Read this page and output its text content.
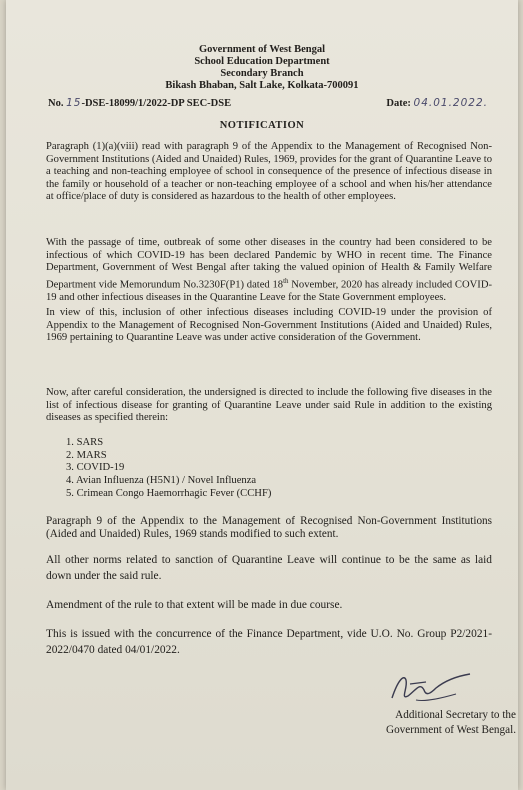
Government of West Bengal
School Education Department
Secondary Branch
Bikash Bhaban, Salt Lake, Kolkata-700091
No. 15-DSE-18099/1/2022-DP SEC-DSE	Date: 04.01.2022.
NOTIFICATION

Paragraph (1)(a)(viii) read with paragraph 9 of the Appendix to the Management of Recognised Non-Government Institutions (Aided and Unaided) Rules, 1969, provides for the grant of Quarantine Leave to a teaching and non-teaching employee of school in consequence of the presence of infectious disease in the family or household of a teacher or non-teaching employee of a school and when his/her attendance at office/place of duty is considered as hazardous to the health of other employees.

With the passage of time, outbreak of some other diseases in the country had been considered to be infectious of which COVID-19 has been declared Pandemic by WHO in recent time. The Finance Department, Government of West Bengal after taking the valued opinion of Health & Family Welfare Department vide Memorundum No.3230F(P1) dated 18th November, 2020 has already included COVID-19 and other infectious diseases in the Quarantine Leave for the State Government employees.

In view of this, inclusion of other infectious diseases including COVID-19 under the provision of Appendix to the Management of Recognised Non-Government Institutions (Aided and Unaided) Rules, 1969 pertaining to Quarantine Leave was under active consideration of the Government.

Now, after careful consideration, the undersigned is directed to include the following five diseases in the list of infectious disease for granting of Quarantine Leave under said Rule in addition to the existing diseases as specified therein:

1. SARS
2. MARS
3. COVID-19
4. Avian Influenza (H5N1) / Novel Influenza
5. Crimean Congo Haemorrhagic Fever (CCHF)

Paragraph 9 of the Appendix to the Management of Recognised Non-Government Institutions (Aided and Unaided) Rules, 1969 stands modified to such extent.

All other norms related to sanction of Quarantine Leave will continue to be the same as laid down under the said rule.

Amendment of the rule to that extent will be made in due course.

This is issued with the concurrence of the Finance Department, vide U.O. No. Group P2/2021-2022/0470 dated 04/01/2022.

Additional Secretary to the
Government of West Bengal.
